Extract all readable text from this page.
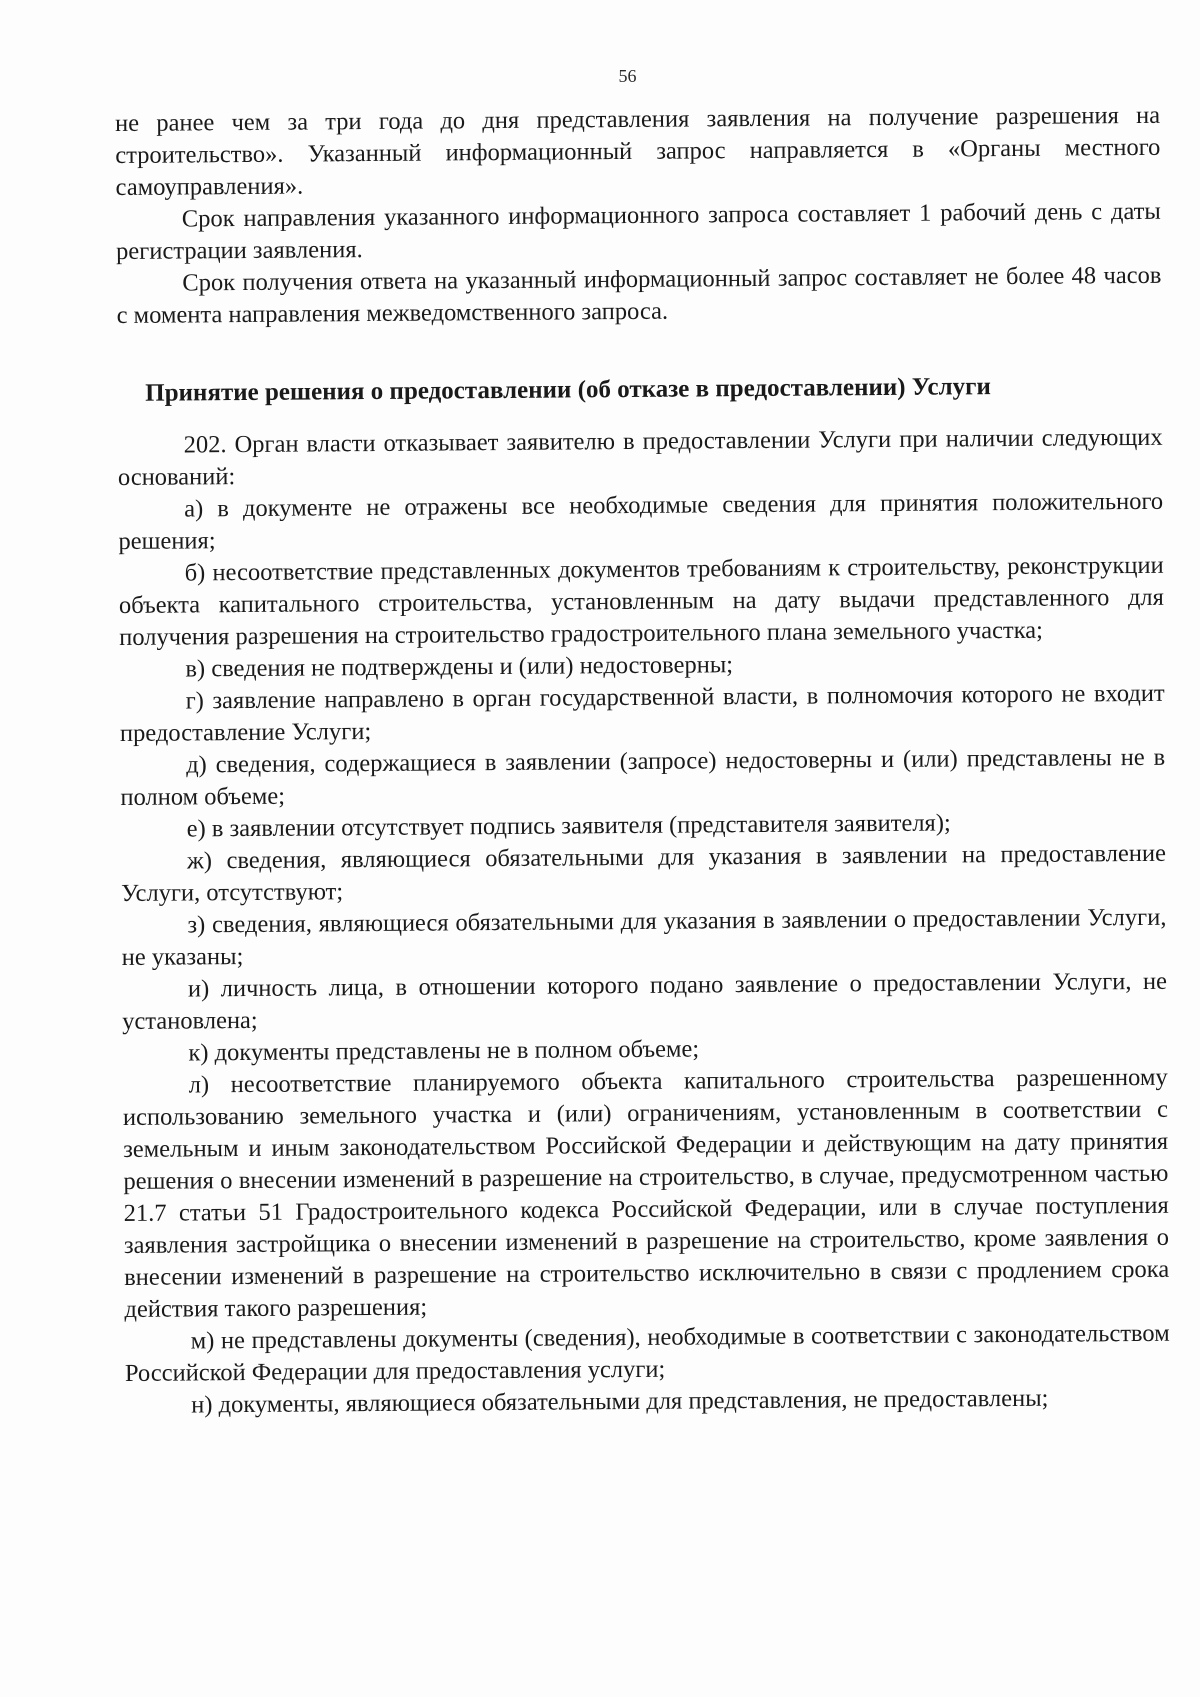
56

не ранее чем за три года до дня представления заявления на получение разрешения на строительство». Указанный информационный запрос направляется в «Органы местного самоуправления».

Срок направления указанного информационного запроса составляет 1 рабочий день с даты регистрации заявления.

Срок получения ответа на указанный информационный запрос составляет не более 48 часов с момента направления межведомственного запроса.

Принятие решения о предоставлении (об отказе в предоставлении) Услуги

202. Орган власти отказывает заявителю в предоставлении Услуги при наличии следующих оснований:

а) в документе не отражены все необходимые сведения для принятия положительного решения;

б) несоответствие представленных документов требованиям к строительству, реконструкции объекта капитального строительства, установленным на дату выдачи представленного для получения разрешения на строительство градостроительного плана земельного участка;

в) сведения не подтверждены и (или) недостоверны;

г) заявление направлено в орган государственной власти, в полномочия которого не входит предоставление Услуги;

д) сведения, содержащиеся в заявлении (запросе) недостоверны и (или) представлены не в полном объеме;

е) в заявлении отсутствует подпись заявителя (представителя заявителя);

ж) сведения, являющиеся обязательными для указания в заявлении на предоставление Услуги, отсутствуют;

з) сведения, являющиеся обязательными для указания в заявлении о предоставлении Услуги, не указаны;

и) личность лица, в отношении которого подано заявление о предоставлении Услуги, не установлена;

к) документы представлены не в полном объеме;

л) несоответствие планируемого объекта капитального строительства разрешенному использованию земельного участка и (или) ограничениям, установленным в соответствии с земельным и иным законодательством Российской Федерации и действующим на дату принятия решения о внесении изменений в разрешение на строительство, в случае, предусмотренном частью 21.7 статьи 51 Градостроительного кодекса Российской Федерации, или в случае поступления заявления застройщика о внесении изменений в разрешение на строительство, кроме заявления о внесении изменений в разрешение на строительство исключительно в связи с продлением срока действия такого разрешения;

м) не представлены документы (сведения), необходимые в соответствии с законодательством Российской Федерации для предоставления услуги;

н) документы, являющиеся обязательными для представления, не предоставлены;
